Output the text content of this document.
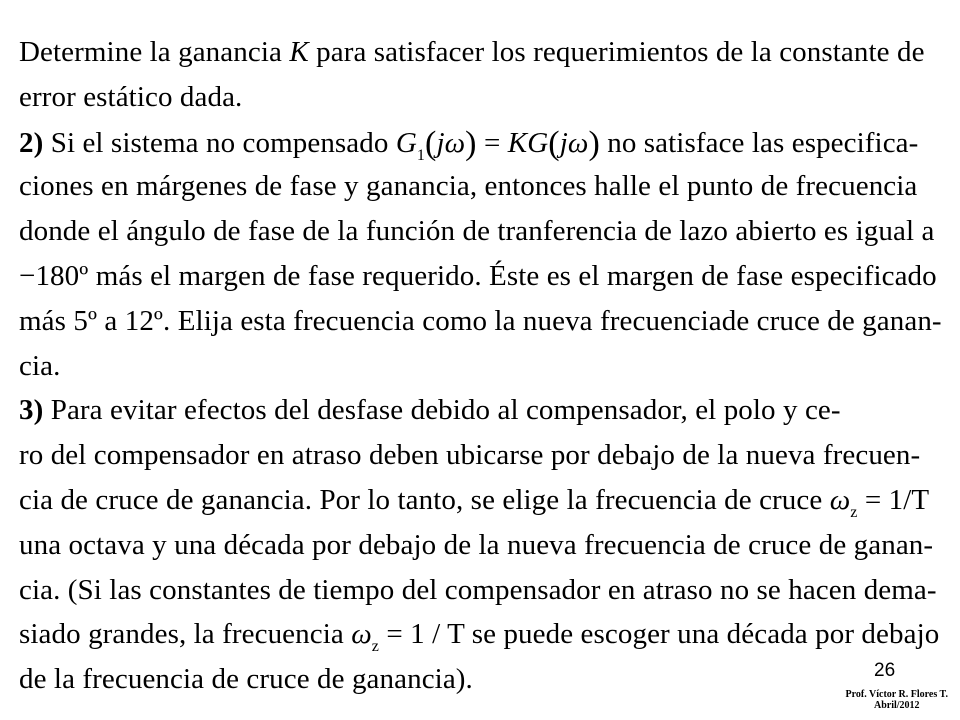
Determine la ganancia K para satisfacer los requerimientos de la constante de
error estático dada.
2) Si el sistema no compensado $G_1(j\omega) = KG(j\omega)$ no satisface las especifica-
ciones en márgenes de fase y ganancia, entonces halle el punto de frecuencia
donde el ángulo de fase de la función de tranferencia de lazo abierto es igual a
−180º más el margen de fase requerido. Éste es el margen de fase especificado
más 5º a 12º. Elija esta frecuencia como la nueva frecuenciade cruce de ganan-
cia.
3) Para evitar efectos del desfase debido al compensador, el polo y ce-
ro del compensador en atraso deben ubicarse por debajo de la nueva frecuen-
cia de cruce de ganancia. Por lo tanto, se elige la frecuencia de cruce $\omega_z = 1/T$
una octava y una década por debajo de la nueva frecuencia de cruce de ganan-
cia. (Si las constantes de tiempo del compensador en atraso no se hacen dema-
siado grandes, la frecuencia $\omega_z = 1 / T$ se puede escoger una década por debajo
de la frecuencia de cruce de ganancia).	26
Prof. Víctor R. Flores T.
Abril/2012
